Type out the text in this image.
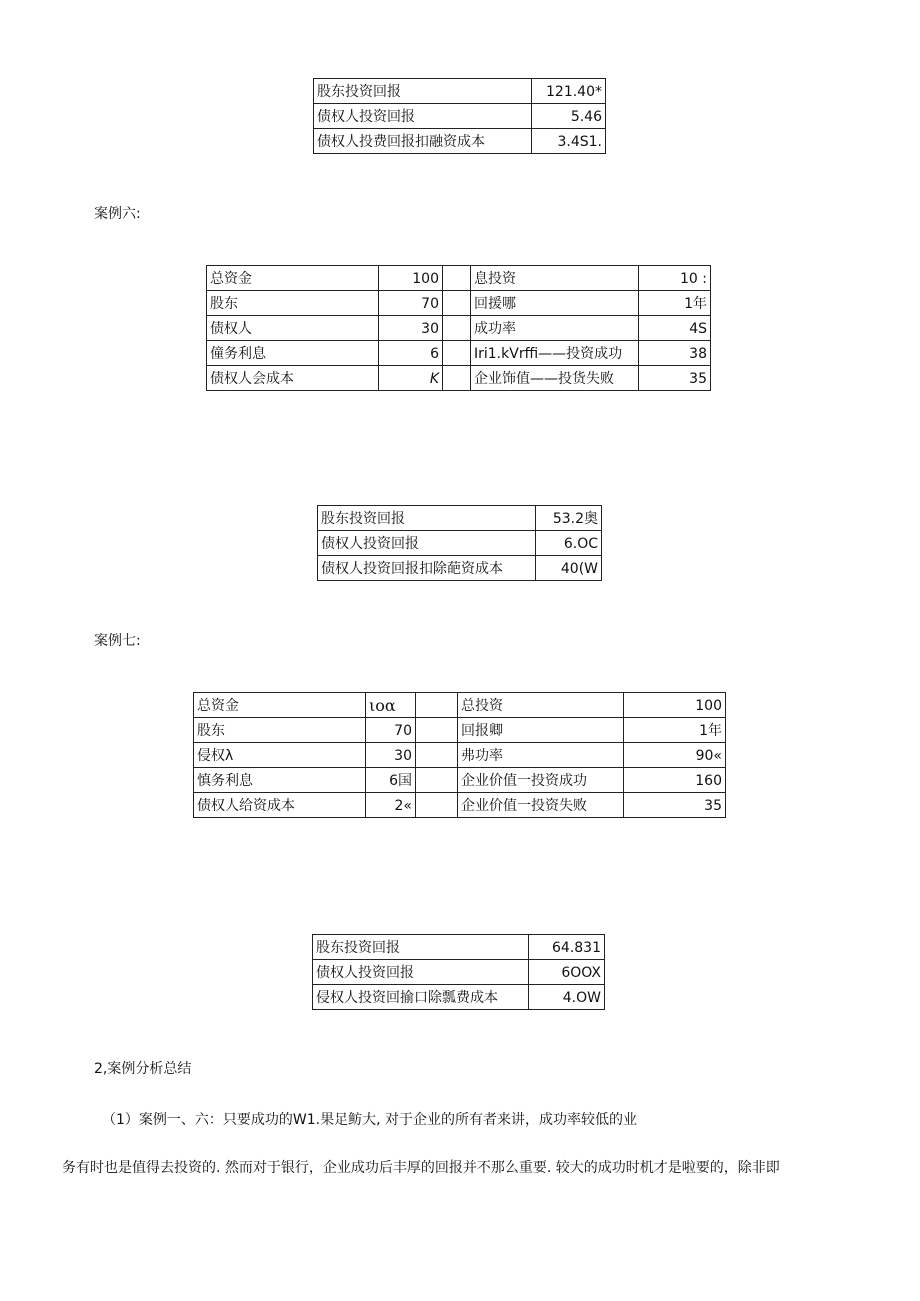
股东投资回报	121.40*
债权人投资回报	5.46
债权人投费回报扣融资成本	3.4S1.
案例六:
总资金	100		息投资	10 :
股东	70		回援哪	1年
债权人	30		成功率	4S
僮务利息	6		Iri1.kVrffi——投资成功	38
债权人会成本	K		企业饰值——投货失败	35
股东投资回报	53.2奥
债权人投资回报	6.OC
债权人投资回报扣除葩资成本	40(W
案例七:
总资金	ιoα		总投资	100
股东	70		回报卿	1年
侵权λ	30		弗功率	90«
慎务利息	6国		企业价值一投资成功	160
债权人给资成本	2«		企业价值一投资失败	35
股东投资回报	64.831
债权人投资回报	6OOX
侵权人投资回揄口除瓢费成本	4.OW
2,案例分析总结
（1）案例一、六：只要成功的W1.果足鲂大, 对于企业的所有者来讲，成功率较低的业
务有时也是值得去投资的. 然而对于银行，企业成功后丰厚的回报并不那么重要. 较大的成功时机才是啦要的，除非即
